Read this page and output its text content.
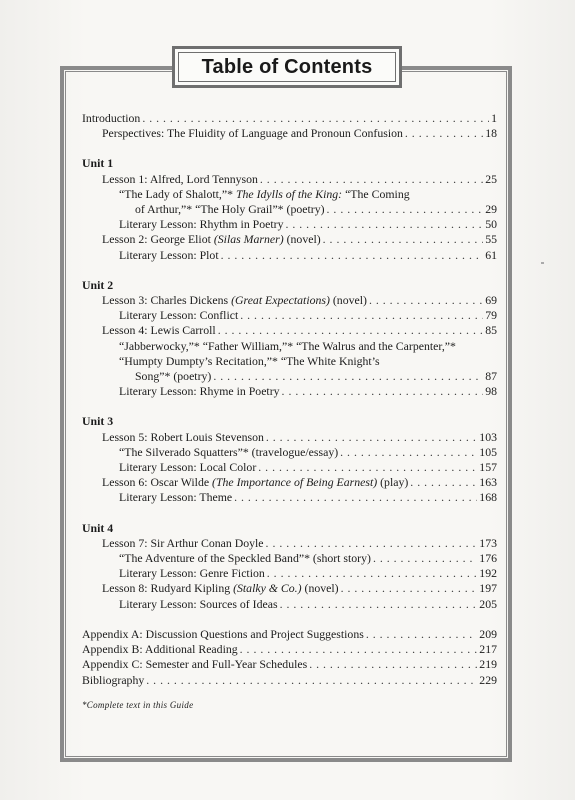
Table of Contents
Introduction . . .	1
Perspectives: The Fluidity of Language and Pronoun Confusion . . .	18
Unit 1
Lesson 1: Alfred, Lord Tennyson . . .	25
“The Lady of Shalott,”* The Idylls of the King: “The Coming
of Arthur,”* “The Holy Grail”* (poetry) . . .	29
Literary Lesson: Rhythm in Poetry . . .	50
Lesson 2: George Eliot (Silas Marner) (novel) . . .	55
Literary Lesson: Plot . . .	61
Unit 2
Lesson 3: Charles Dickens (Great Expectations) (novel) . . .	69
Literary Lesson: Conflict . . .	79
Lesson 4: Lewis Carroll . . .	85
“Jabberwocky,”* “Father William,”* “The Walrus and the Carpenter,”*
“Humpty Dumpty’s Recitation,”* “The White Knight’s
Song”* (poetry) . . .	87
Literary Lesson: Rhyme in Poetry . . .	98
Unit 3
Lesson 5: Robert Louis Stevenson . . .	103
“The Silverado Squatters”* (travelogue/essay) . . .	105
Literary Lesson: Local Color . . .	157
Lesson 6: Oscar Wilde (The Importance of Being Earnest) (play) . . .	163
Literary Lesson: Theme . . .	168
Unit 4
Lesson 7: Sir Arthur Conan Doyle . . .	173
“The Adventure of the Speckled Band”* (short story) . . .	176
Literary Lesson: Genre Fiction . . .	192
Lesson 8: Rudyard Kipling (Stalky & Co.) (novel) . . .	197
Literary Lesson: Sources of Ideas . . .	205
Appendix A: Discussion Questions and Project Suggestions . . .	209
Appendix B: Additional Reading . . .	217
Appendix C: Semester and Full-Year Schedules . . .	219
Bibliography . . .	229
*Complete text in this Guide
